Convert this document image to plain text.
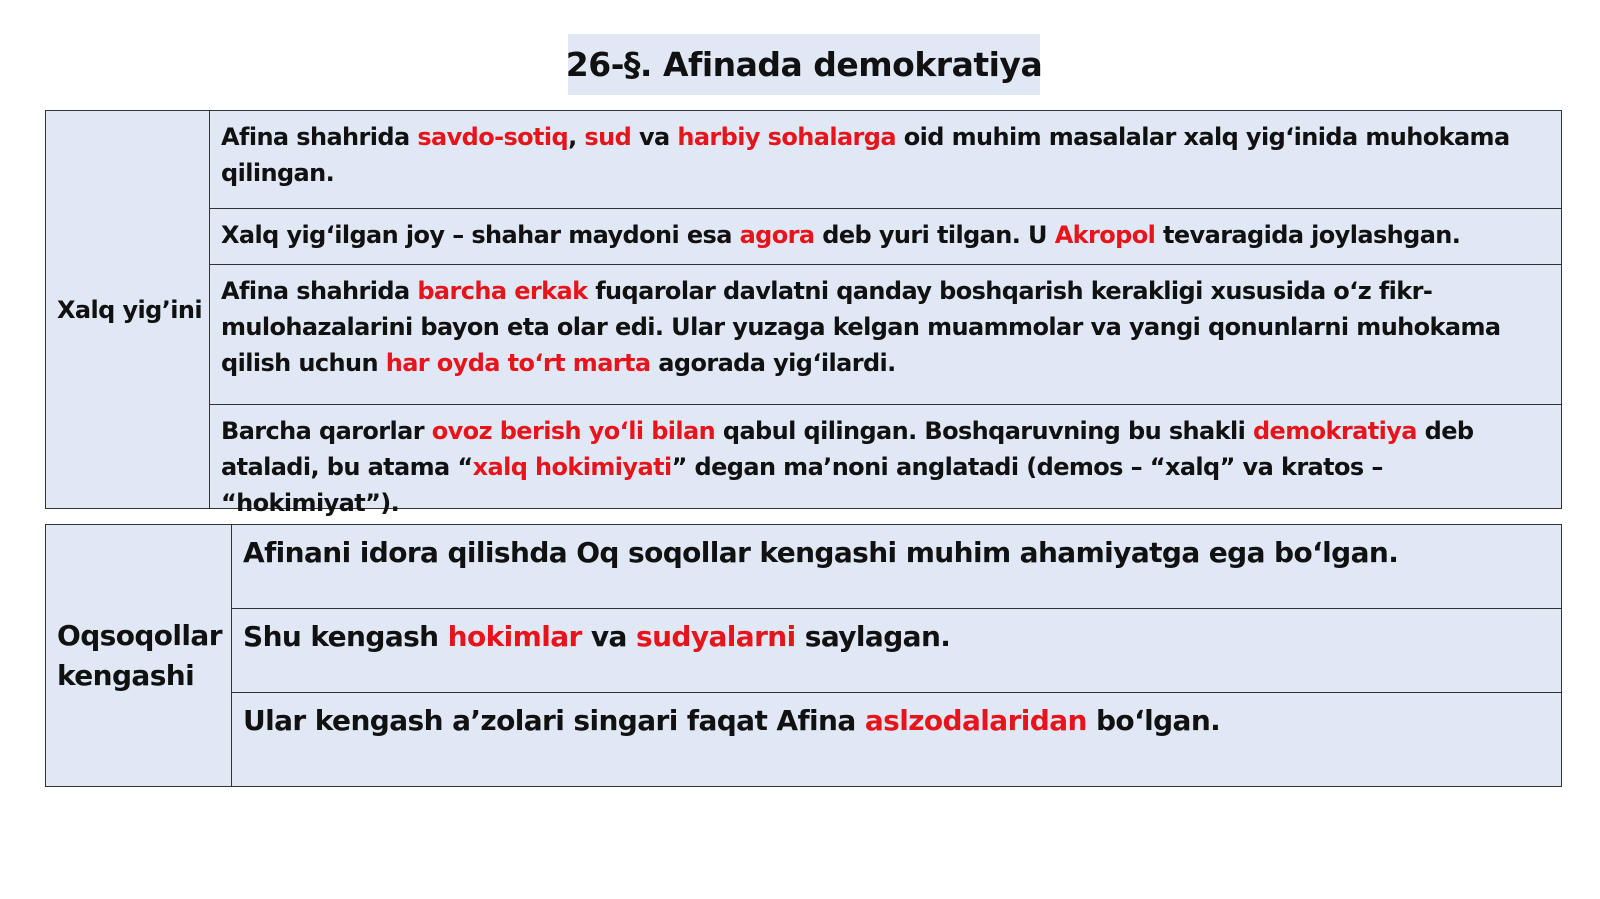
26-§. Afinada demokratiya
Xalq yig’ini
Afina shahrida savdo-sotiq, sud va harbiy sohalarga oid muhim masalalar xalq yigʻinida muhokama qilingan.
Xalq yigʻilgan joy – shahar maydoni esa agora deb yuri tilgan. U Akropol tevaragida joylashgan.
Afina shahrida barcha erkak fuqarolar davlatni qanday boshqarish kerakligi xususida oʻz fikr-mulohazalarini bayon eta olar edi. Ular yuzaga kelgan muammolar va yangi qonunlarni muhokama qilish uchun har oyda toʻrt marta agorada yigʻilardi.
Barcha qarorlar ovoz berish yoʻli bilan qabul qilingan. Boshqaruvning bu shakli demokratiya deb ataladi, bu atama “xalq hokimiyati” degan ma’noni anglatadi (demos – “xalq” va kratos – “hokimiyat”).
Oqsoqollar kengashi
Afinani idora qilishda Oq soqollar kengashi muhim ahamiyatga ega boʻlgan.
Shu kengash hokimlar va sudyalarni saylagan.
Ular kengash a’zolari singari faqat Afina aslzodalaridan boʻlgan.
